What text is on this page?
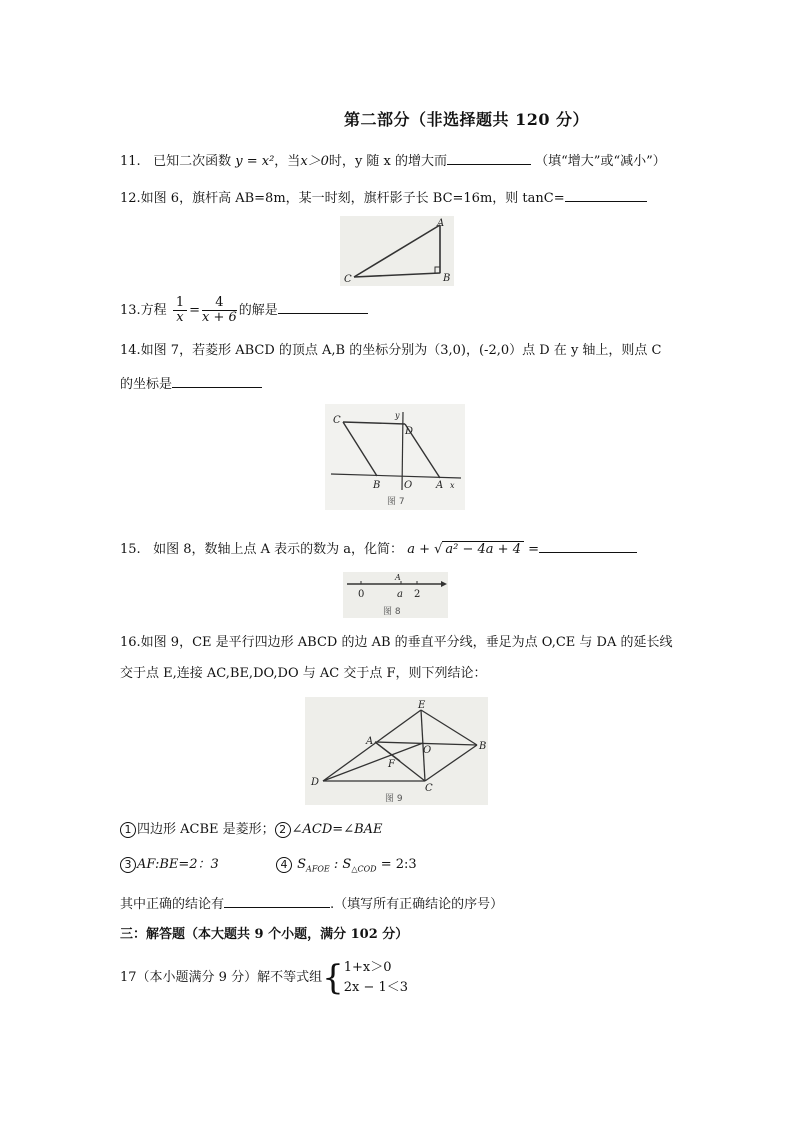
第二部分（非选择题共 120 分）
11. 已知二次函数 y = x²，当x＞0时，y 随 x 的增大而	（填“增大”或“减小”）
12.如图 6，旗杆高 AB=8m，某一时刻，旗杆影子长 BC=16m，则 tanC=
A
C	B
13.方程 $\frac{1}{x} = \frac{4}{x + 6}$ 的解是
14.如图 7，若菱形 ABCD 的顶点 A,B 的坐标分别为（3,0)，(-2,0）点 D 在 y 轴上，则点 C
的坐标是
C	y
D
B O A x
图 7
15. 如图 8，数轴上点 A 表示的数为 a，化简： a + √ a² − 4a + 4 =
A
0	a 2
图 8
16.如图 9，CE 是平行四边形 ABCD 的边 AB 的垂直平分线，垂足为点 O,CE 与 DA 的延长线
交于点 E,连接 AC,BE,DO,DO 与 AC 交于点 F，则下列结论：
E
A
O	B
F
D
C
图 9
1 四边形 ACBE 是菱形； 2 ∠ACD=∠BAE
3 AF:BE=2：3	4 $S_{AFOE}$ : $S_{\triangle COD}$ = 2:3
其中正确的结论有	.（填写所有正确结论的序号）
三：解答题（本大题共 9 个小题，满分 102 分）
17（本小题满分 9 分）解不等式组{ 1+x＞0
2x − 1＜3
